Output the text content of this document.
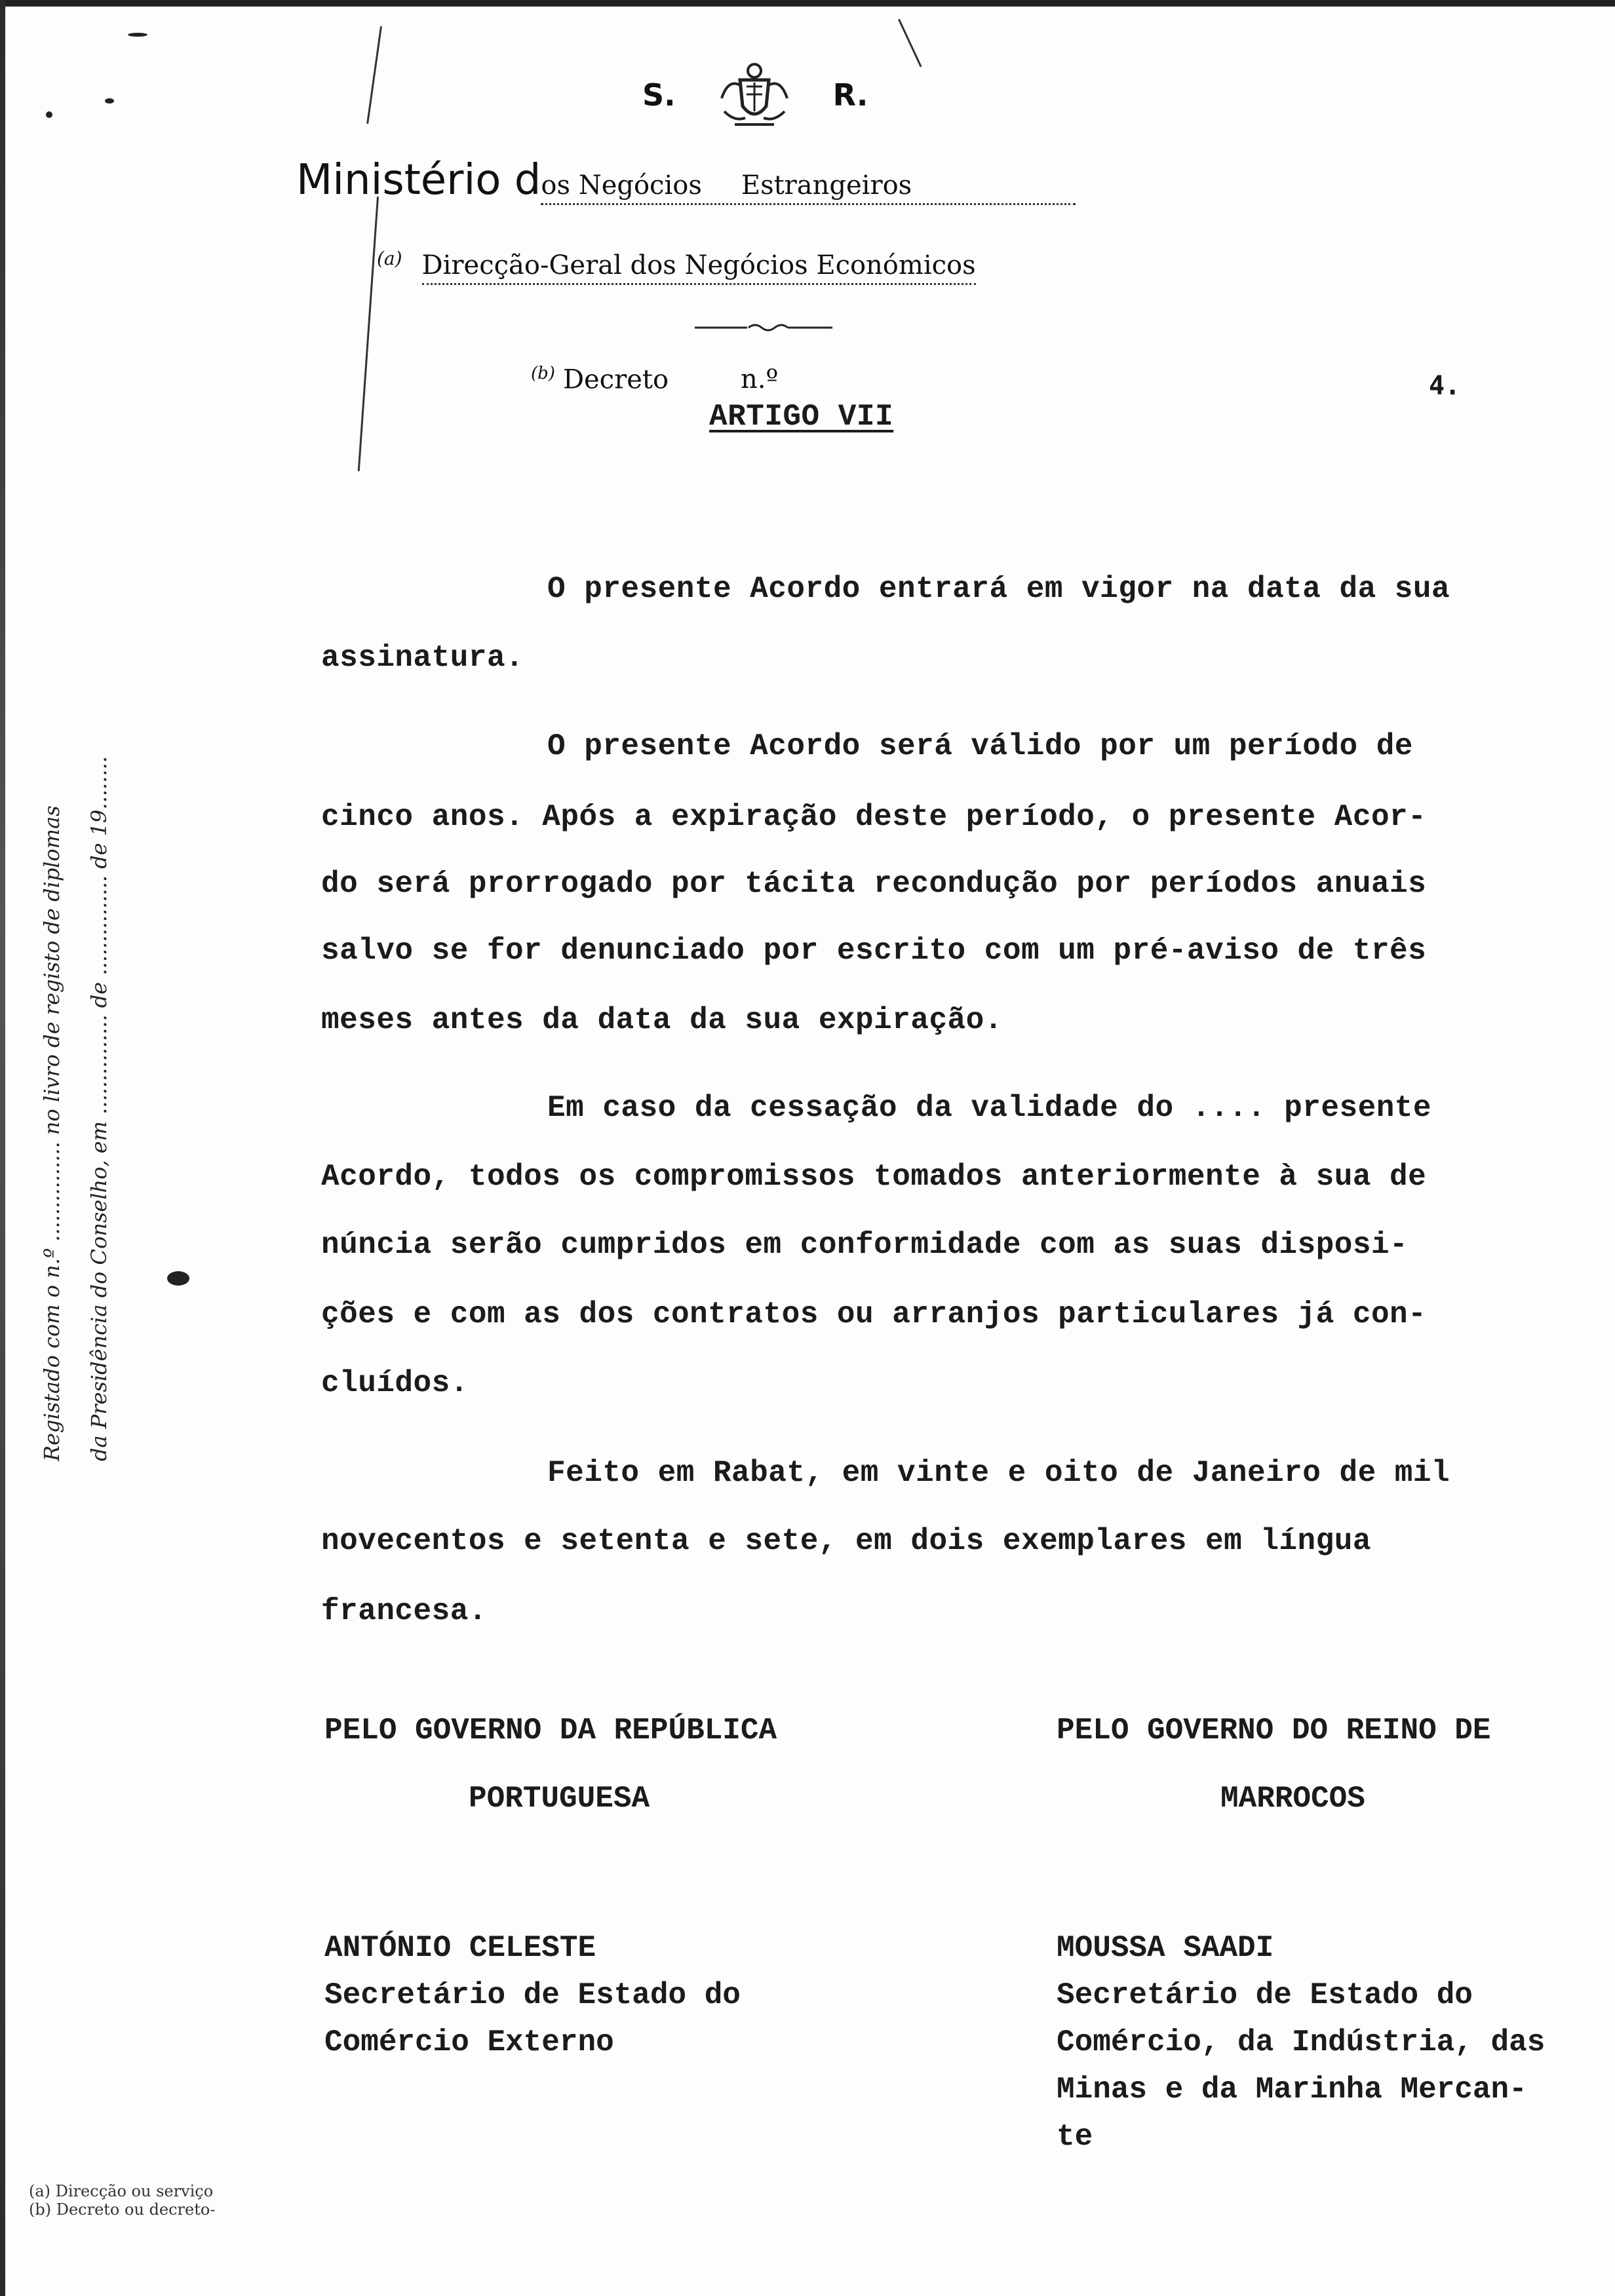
S.	R.
Ministério dos Negócios Estrangeiros
$^{(a)}$ Direcção-Geral dos Negócios Económicos
$^{(b)}$ Decreto	n.º	4.
ARTIGO VII
O presente Acordo entrará em vigor na data da sua
assinatura.
O presente Acordo será válido por um período de
cinco anos. Após a expiração deste período, o presente Acor-
do será prorrogado por tácita recondução por períodos anuais
salvo se for denunciado por escrito com um pré-aviso de três
meses antes da data da sua expiração.
Em caso da cessação da validade do .... presente
Acordo, todos os compromissos tomados anteriormente à sua de
núncia serão cumpridos em conformidade com as suas disposi-
ções e com as dos contratos ou arranjos particulares já con-
cluídos.
Feito em Rabat, em vinte e oito de Janeiro de mil
novecentos e setenta e sete, em dois exemplares em língua
francesa.
PELO GOVERNO DA REPÚBLICA
PORTUGUESA
ANTÓNIO CELESTE
Secretário de Estado do
Comércio Externo
PELO GOVERNO DO REINO DE
MARROCOS
MOUSSA SAADI
Secretário de Estado do
Comércio, da Indústria, das
Minas e da Marinha Mercan-
te
Registado com o n.º ............... no livro de registo de diplomas da Presidência do Conselho, em ............... de ............... de 19........
(a) Direcção ou serviço
(b) Decreto ou decreto-
